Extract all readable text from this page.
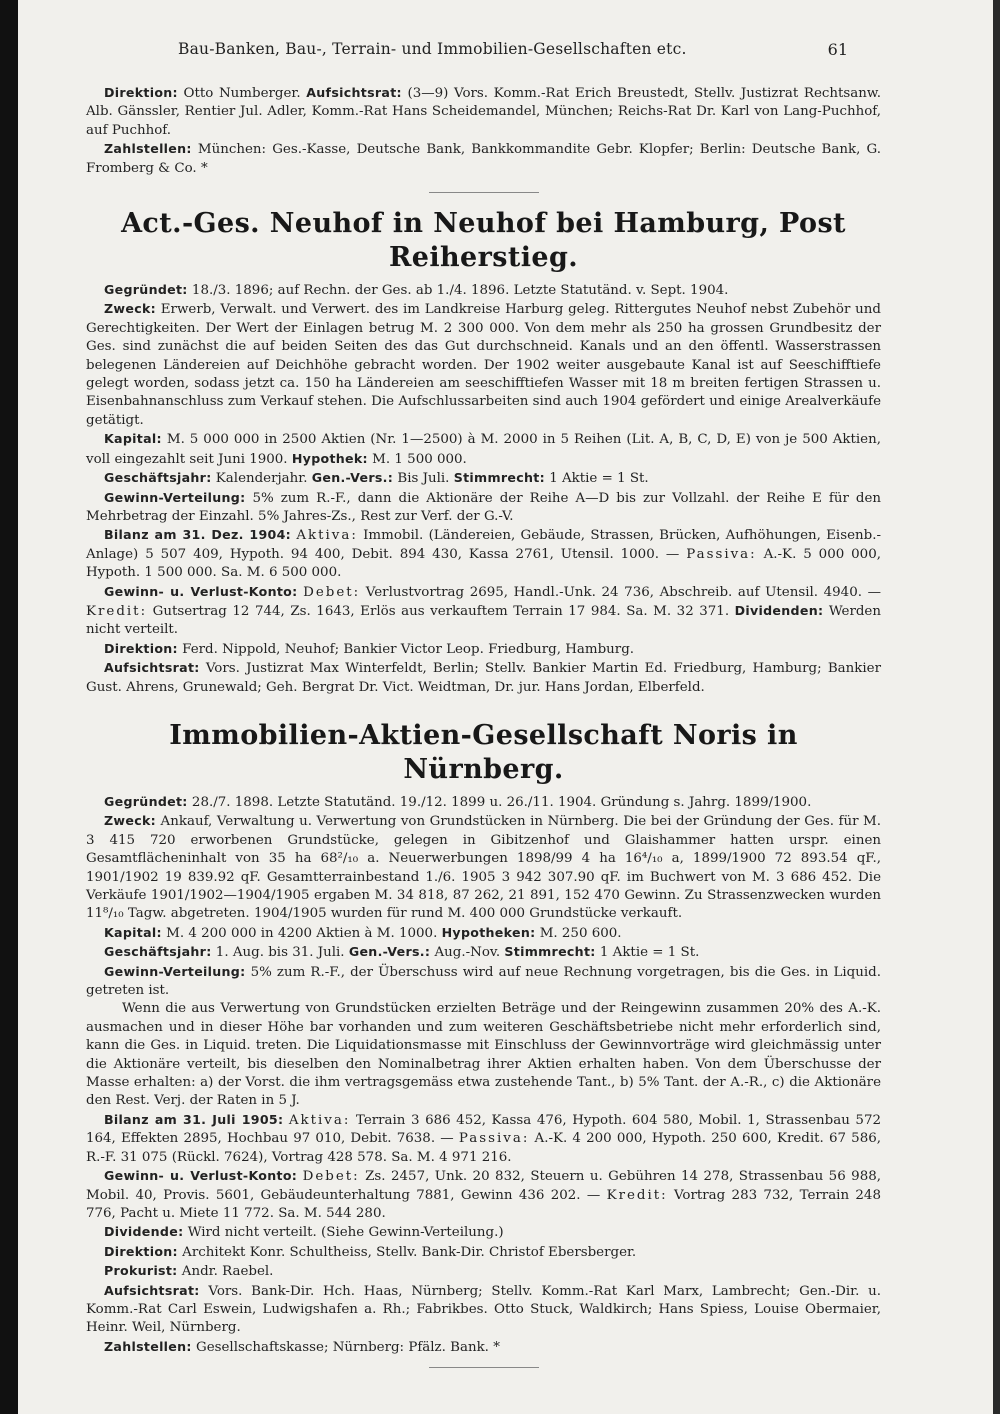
Bau-Banken, Bau-, Terrain- und Immobilien-Gesellschaften etc.	61

Direktion: Otto Numberger. Aufsichtsrat: (3—9) Vors. Komm.-Rat Erich Breustedt, Stellv. Justizrat Rechtsanw. Alb. Gänssler, Rentier Jul. Adler, Komm.-Rat Hans Scheidemandel, München; Reichs-Rat Dr. Karl von Lang-Puchhof, auf Puchhof.

Zahlstellen: München: Ges.-Kasse, Deutsche Bank, Bankkommandite Gebr. Klopfer; Berlin: Deutsche Bank, G. Fromberg & Co. *

Act.-Ges. Neuhof in Neuhof bei Hamburg, Post Reiherstieg.

Gegründet: 18./3. 1896; auf Rechn. der Ges. ab 1./4. 1896. Letzte Statutänd. v. Sept. 1904.

Zweck: Erwerb, Verwalt. und Verwert. des im Landkreise Harburg geleg. Rittergutes Neuhof nebst Zubehör und Gerechtigkeiten. Der Wert der Einlagen betrug M. 2 300 000. Von dem mehr als 250 ha grossen Grundbesitz der Ges. sind zunächst die auf beiden Seiten des das Gut durchschneid. Kanals und an den öffentl. Wasserstrassen belegenen Ländereien auf Deichhöhe gebracht worden. Der 1902 weiter ausgebaute Kanal ist auf Seeschifftiefe gelegt worden, sodass jetzt ca. 150 ha Ländereien am seeschifftiefen Wasser mit 18 m breiten fertigen Strassen u. Eisenbahnanschluss zum Verkauf stehen. Die Aufschlussarbeiten sind auch 1904 gefördert und einige Arealverkäufe getätigt.

Kapital: M. 5 000 000 in 2500 Aktien (Nr. 1—2500) à M. 2000 in 5 Reihen (Lit. A, B, C, D, E) von je 500 Aktien, voll eingezahlt seit Juni 1900. Hypothek: M. 1 500 000.

Geschäftsjahr: Kalenderjahr. Gen.-Vers.: Bis Juli. Stimmrecht: 1 Aktie = 1 St.

Gewinn-Verteilung: 5% zum R.-F., dann die Aktionäre der Reihe A—D bis zur Vollzahl. der Reihe E für den Mehrbetrag der Einzahl. 5% Jahres-Zs., Rest zur Verf. der G.-V.

Bilanz am 31. Dez. 1904: Aktiva: Immobil. (Ländereien, Gebäude, Strassen, Brücken, Aufhöhungen, Eisenb.-Anlage) 5 507 409, Hypoth. 94 400, Debit. 894 430, Kassa 2761, Utensil. 1000. — Passiva: A.-K. 5 000 000, Hypoth. 1 500 000. Sa. M. 6 500 000.

Gewinn- u. Verlust-Konto: Debet: Verlustvortrag 2695, Handl.-Unk. 24 736, Abschreib. auf Utensil. 4940. — Kredit: Gutsertrag 12 744, Zs. 1643, Erlös aus verkauftem Terrain 17 984. Sa. M. 32 371. Dividenden: Werden nicht verteilt.

Direktion: Ferd. Nippold, Neuhof; Bankier Victor Leop. Friedburg, Hamburg.

Aufsichtsrat: Vors. Justizrat Max Winterfeldt, Berlin; Stellv. Bankier Martin Ed. Friedburg, Hamburg; Bankier Gust. Ahrens, Grunewald; Geh. Bergrat Dr. Vict. Weidtman, Dr. jur. Hans Jordan, Elberfeld.

Immobilien-Aktien-Gesellschaft Noris in Nürnberg.

Gegründet: 28./7. 1898. Letzte Statutänd. 19./12. 1899 u. 26./11. 1904. Gründung s. Jahrg. 1899/1900.

Zweck: Ankauf, Verwaltung u. Verwertung von Grundstücken in Nürnberg. Die bei der Gründung der Ges. für M. 3 415 720 erworbenen Grundstücke, gelegen in Gibitzenhof und Glaishammer hatten urspr. einen Gesamtflächeninhalt von 35 ha 68²/₁₀ a. Neuerwerbungen 1898/99 4 ha 16⁴/₁₀ a, 1899/1900 72 893.54 qF., 1901/1902 19 839.92 qF. Gesamtterrainbestand 1./6. 1905 3 942 307.90 qF. im Buchwert von M. 3 686 452. Die Verkäufe 1901/1902—1904/1905 ergaben M. 34 818, 87 262, 21 891, 152 470 Gewinn. Zu Strassenzwecken wurden 11⁸/₁₀ Tagw. abgetreten. 1904/1905 wurden für rund M. 400 000 Grundstücke verkauft.

Kapital: M. 4 200 000 in 4200 Aktien à M. 1000. Hypotheken: M. 250 600.

Geschäftsjahr: 1. Aug. bis 31. Juli. Gen.-Vers.: Aug.-Nov. Stimmrecht: 1 Aktie = 1 St.

Gewinn-Verteilung: 5% zum R.-F., der Überschuss wird auf neue Rechnung vorgetragen, bis die Ges. in Liquid. getreten ist.

Wenn die aus Verwertung von Grundstücken erzielten Beträge und der Reingewinn zusammen 20% des A.-K. ausmachen und in dieser Höhe bar vorhanden und zum weiteren Geschäftsbetriebe nicht mehr erforderlich sind, kann die Ges. in Liquid. treten. Die Liquidationsmasse mit Einschluss der Gewinnvorträge wird gleichmässig unter die Aktionäre verteilt, bis dieselben den Nominalbetrag ihrer Aktien erhalten haben. Von dem Überschusse der Masse erhalten: a) der Vorst. die ihm vertragsgemäss etwa zustehende Tant., b) 5% Tant. der A.-R., c) die Aktionäre den Rest. Verj. der Raten in 5 J.

Bilanz am 31. Juli 1905: Aktiva: Terrain 3 686 452, Kassa 476, Hypoth. 604 580, Mobil. 1, Strassenbau 572 164, Effekten 2895, Hochbau 97 010, Debit. 7638. — Passiva: A.-K. 4 200 000, Hypoth. 250 600, Kredit. 67 586, R.-F. 31 075 (Rückl. 7624), Vortrag 428 578. Sa. M. 4 971 216.

Gewinn- u. Verlust-Konto: Debet: Zs. 2457, Unk. 20 832, Steuern u. Gebühren 14 278, Strassenbau 56 988, Mobil. 40, Provis. 5601, Gebäudeunterhaltung 7881, Gewinn 436 202. — Kredit: Vortrag 283 732, Terrain 248 776, Pacht u. Miete 11 772. Sa. M. 544 280.

Dividende: Wird nicht verteilt. (Siehe Gewinn-Verteilung.)

Direktion: Architekt Konr. Schultheiss, Stellv. Bank-Dir. Christof Ebersberger.

Prokurist: Andr. Raebel.

Aufsichtsrat: Vors. Bank-Dir. Hch. Haas, Nürnberg; Stellv. Komm.-Rat Karl Marx, Lambrecht; Gen.-Dir. u. Komm.-Rat Carl Eswein, Ludwigshafen a. Rh.; Fabrikbes. Otto Stuck, Waldkirch; Hans Spiess, Louise Obermaier, Heinr. Weil, Nürnberg.

Zahlstellen: Gesellschaftskasse; Nürnberg: Pfälz. Bank. *
